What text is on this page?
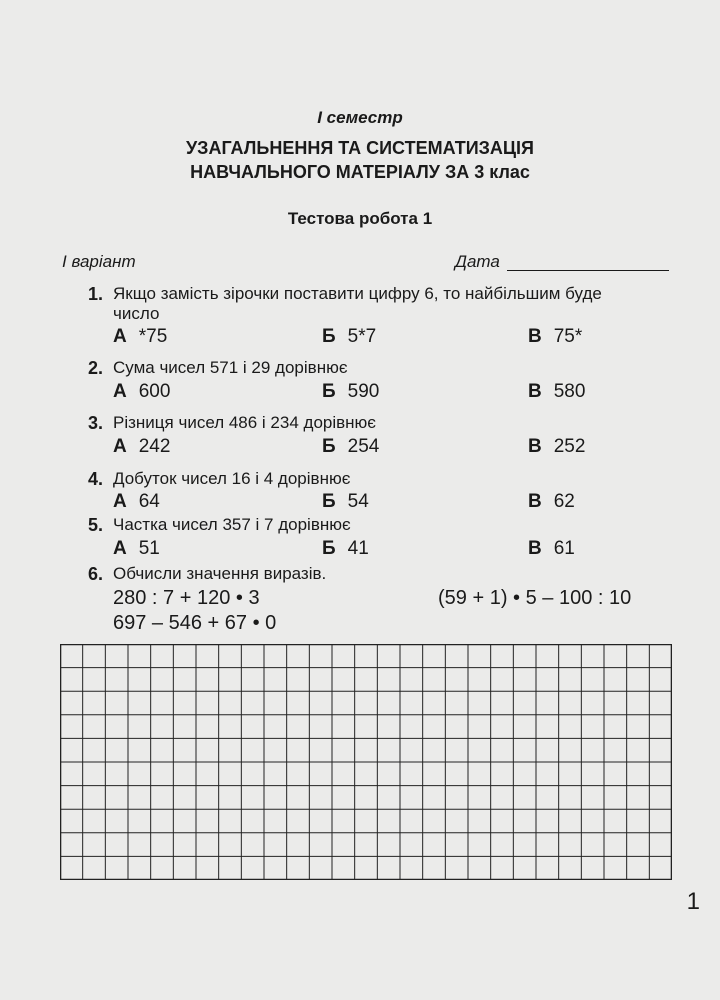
I семестр
УЗАГАЛЬНЕННЯ ТА СИСТЕМАТИЗАЦІЯ
НАВЧАЛЬНОГО МАТЕРІАЛУ ЗА 3 клас
Тестова робота 1
I варіант	Дата
1. Якщо замість зірочки поставити цифру 6, то найбільшим буде
число
А *75	Б 5*7	В 75*
2. Сума чисел 571 і 29 дорівнює
А 600	Б 590	В 580
3. Різниця чисел 486 і 234 дорівнює
А 242	Б 254	В 252
4. Добуток чисел 16 і 4 дорівнює
А 64	Б 54	В 62
5. Частка чисел 357 і 7 дорівнює
А 51	Б 41	В 61
6. Обчисли значення виразів.
280 : 7 + 120 • 3	(59 + 1) • 5 – 100 : 10
697 – 546 + 67 • 0
1
